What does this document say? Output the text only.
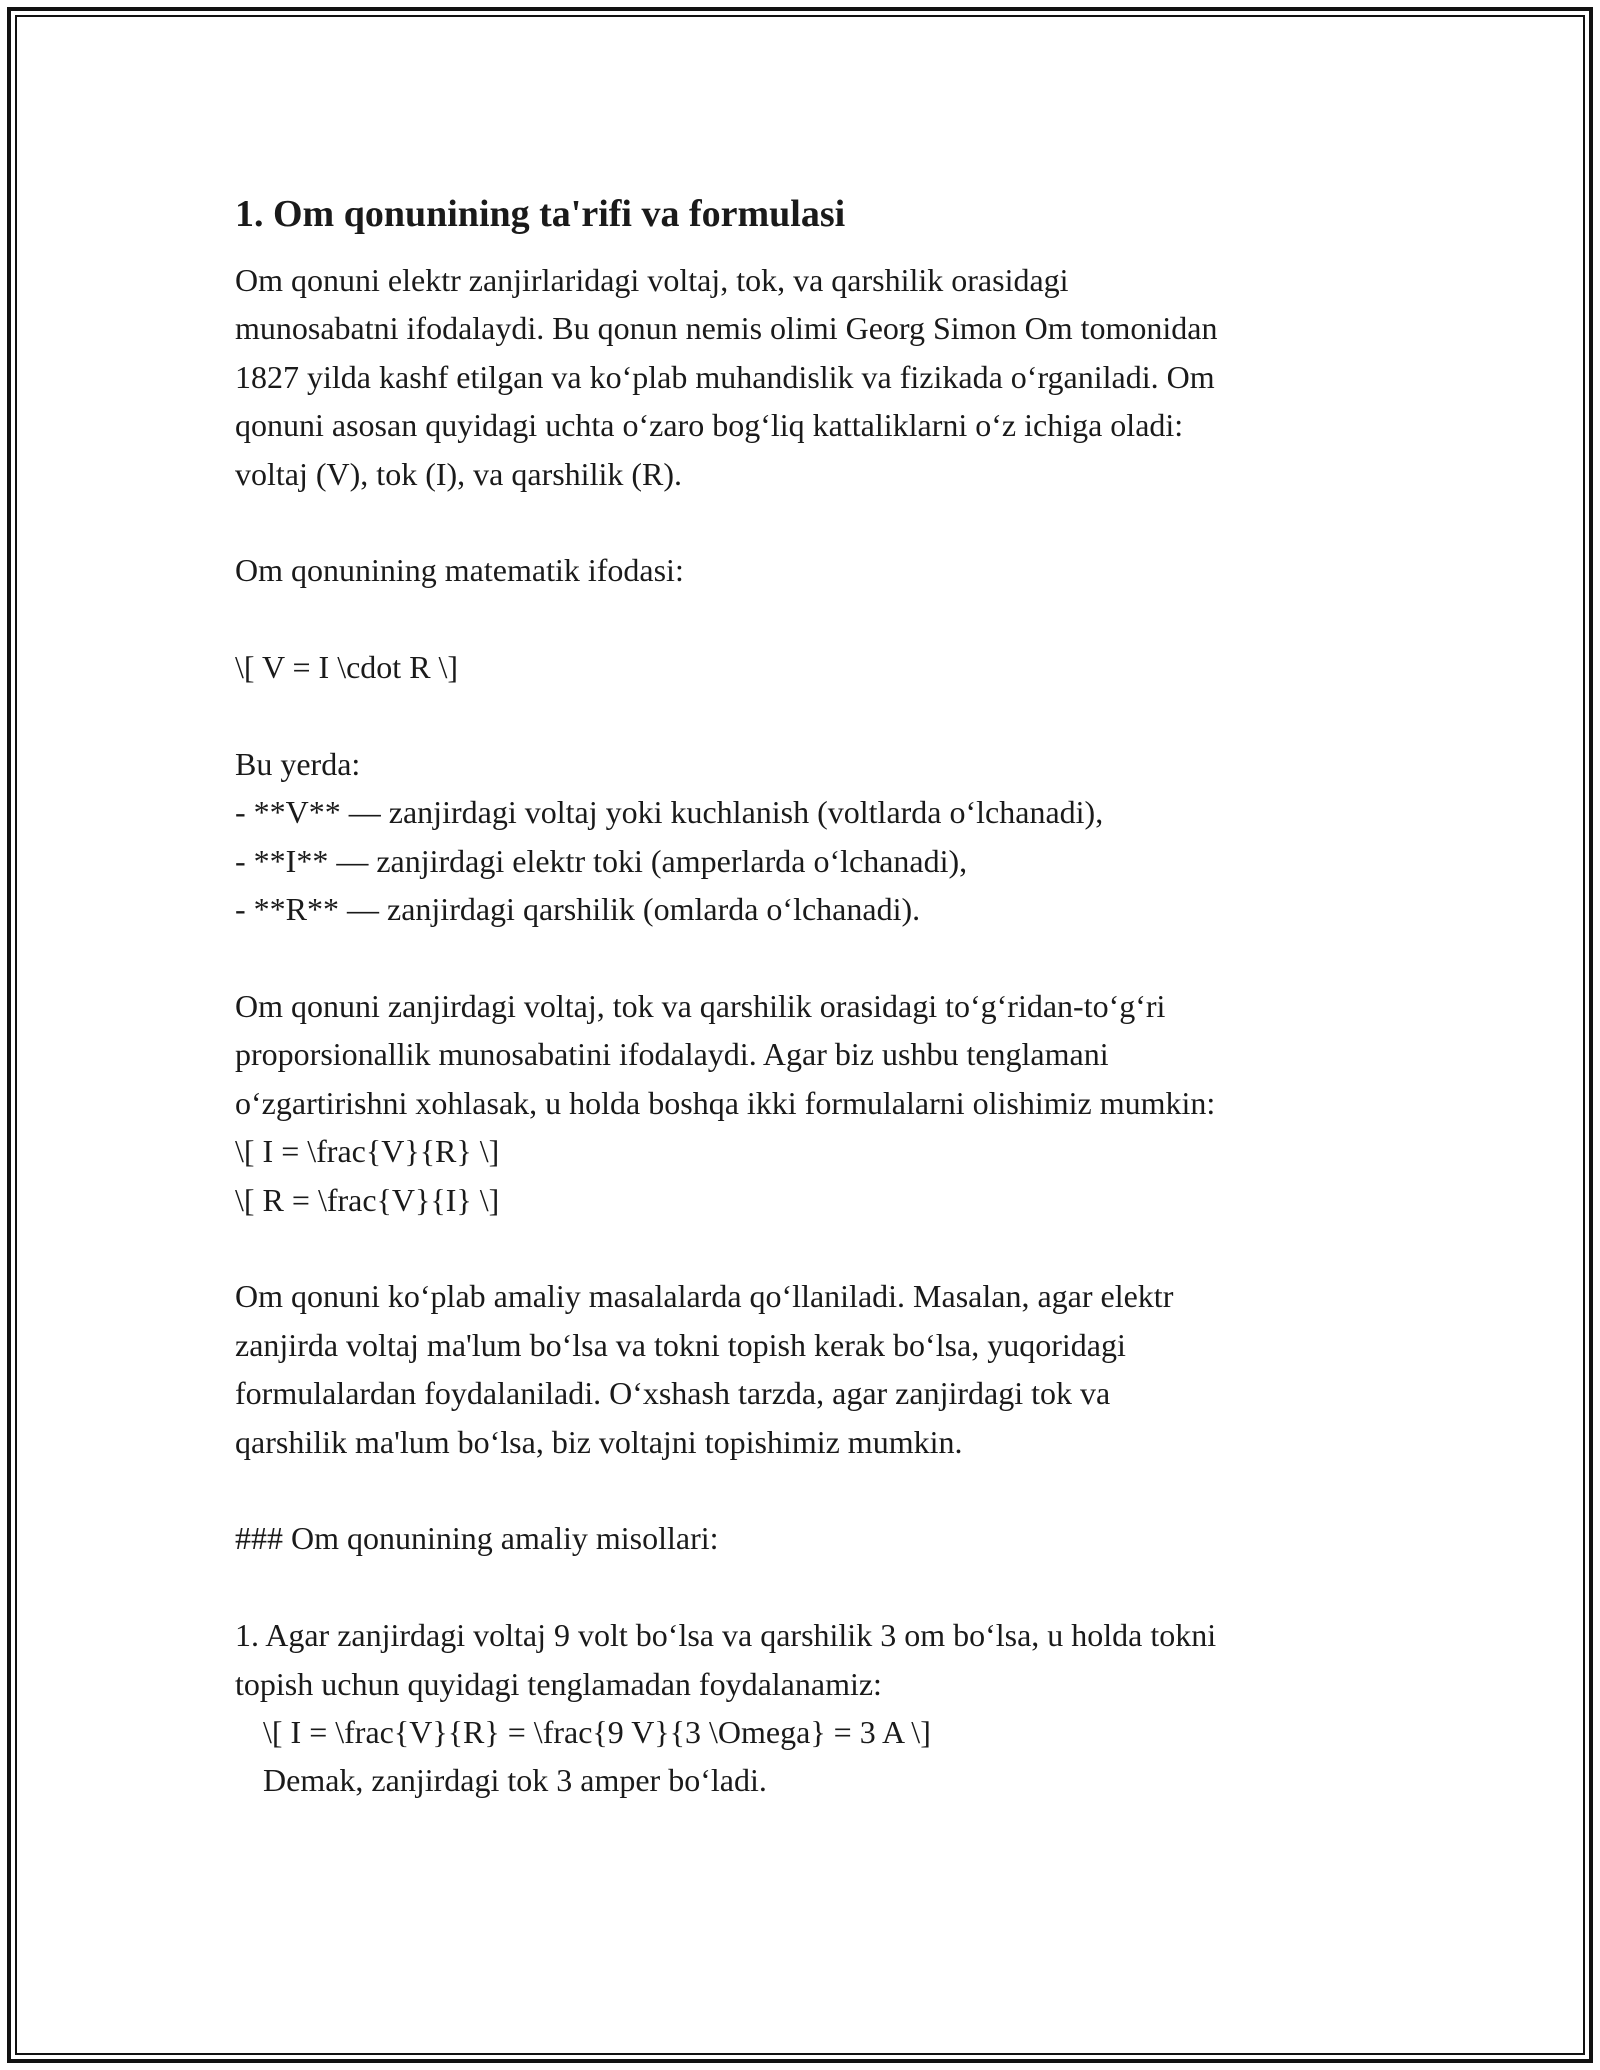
1. Om qonunining ta'rifi va formulasi

Om qonuni elektr zanjirlaridagi voltaj, tok, va qarshilik orasidagi

munosabatni ifodalaydi. Bu qonun nemis olimi Georg Simon Om tomonidan

1827 yilda kashf etilgan va ko‘plab muhandislik va fizikada o‘rganiladi. Om

qonuni asosan quyidagi uchta o‘zaro bog‘liq kattaliklarni o‘z ichiga oladi:

voltaj (V), tok (I), va qarshilik (R).

Om qonunining matematik ifodasi:

\[ V = I \cdot R \]

Bu yerda:

- **V** — zanjirdagi voltaj yoki kuchlanish (voltlarda o‘lchanadi),

- **I** — zanjirdagi elektr toki (amperlarda o‘lchanadi),

- **R** — zanjirdagi qarshilik (omlarda o‘lchanadi).

Om qonuni zanjirdagi voltaj, tok va qarshilik orasidagi to‘g‘ridan-to‘g‘ri

proporsionallik munosabatini ifodalaydi. Agar biz ushbu tenglamani

o‘zgartirishni xohlasak, u holda boshqa ikki formulalarni olishimiz mumkin:

\[ I = \frac{V}{R} \]

\[ R = \frac{V}{I} \]

Om qonuni ko‘plab amaliy masalalarda qo‘llaniladi. Masalan, agar elektr

zanjirda voltaj ma'lum bo‘lsa va tokni topish kerak bo‘lsa, yuqoridagi

formulalardan foydalaniladi. O‘xshash tarzda, agar zanjirdagi tok va

qarshilik ma'lum bo‘lsa, biz voltajni topishimiz mumkin.

### Om qonunining amaliy misollari:

1. Agar zanjirdagi voltaj 9 volt bo‘lsa va qarshilik 3 om bo‘lsa, u holda tokni

topish uchun quyidagi tenglamadan foydalanamiz:

\[ I = \frac{V}{R} = \frac{9 V}{3 \Omega} = 3 A \]

Demak, zanjirdagi tok 3 amper bo‘ladi.
